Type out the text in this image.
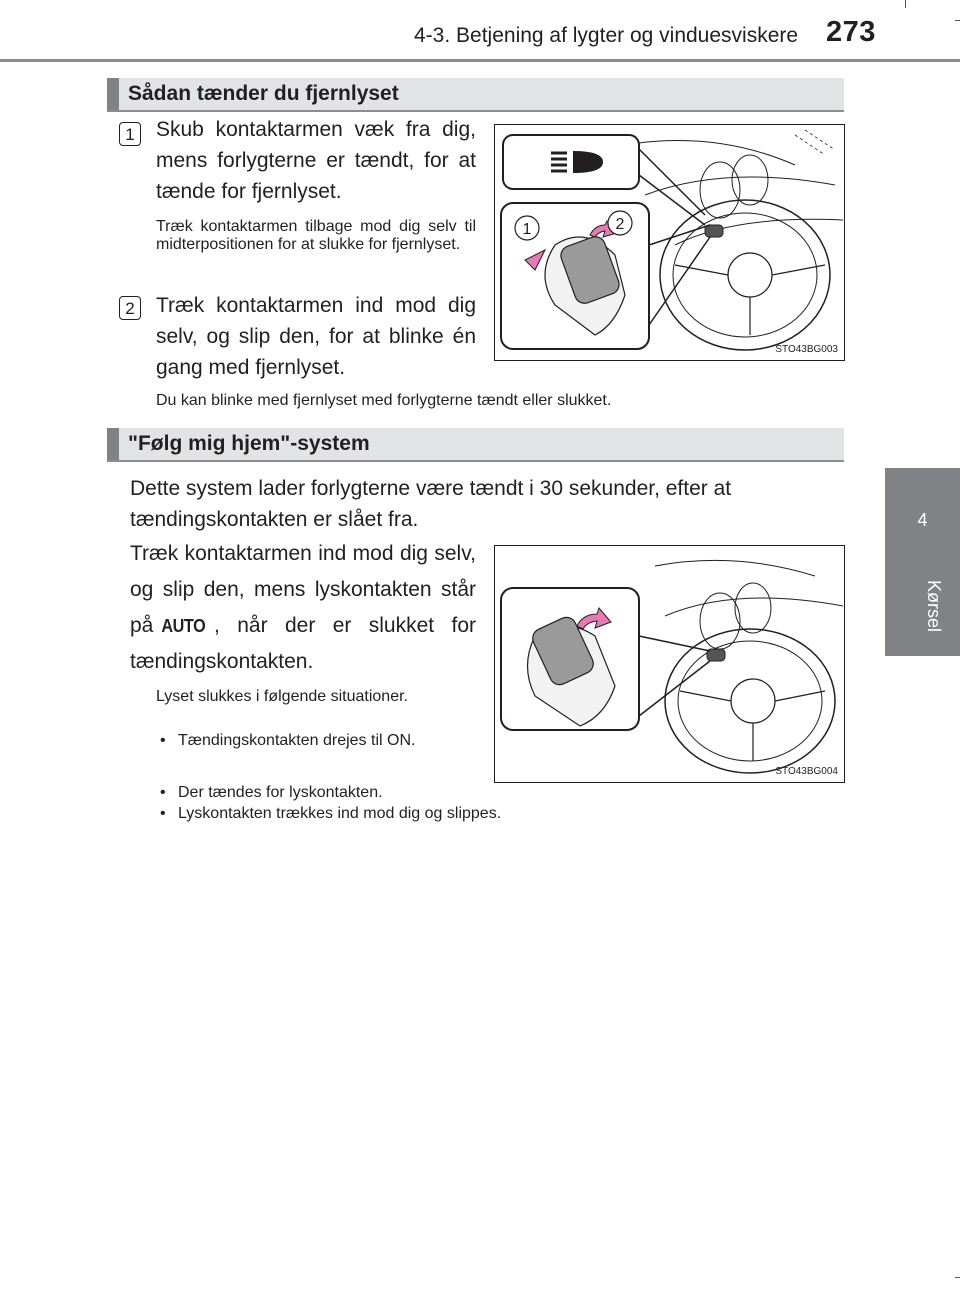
4-3. Betjening af lygter og vinduesviskere 273
4
Kørsel
Sådan tænder du fjernlyset
1 Skub kontaktarmen væk fra dig, mens forlygterne er tændt, for at tænde for fjernlyset.
Træk kontaktarmen tilbage mod dig selv til midterpositionen for at slukke for fjernlyset.
2 Træk kontaktarmen ind mod dig selv, og slip den, for at blinke én gang med fjernlyset.
Du kan blinke med fjernlyset med forlygterne tændt eller slukket.
1	2
STO43BG003
"Følg mig hjem"-system
Dette system lader forlygterne være tændt i 30 sekunder, efter at tændingskontakten er slået fra.
Træk kontaktarmen ind mod dig selv, og slip den, mens lyskontakten står på AUTO , når der er slukket for tændingskontakten.
Lyset slukkes i følgende situationer.
• Tændingskontakten drejes til ON.
• Der tændes for lyskontakten.
• Lyskontakten trækkes ind mod dig og slippes.
STO43BG004
